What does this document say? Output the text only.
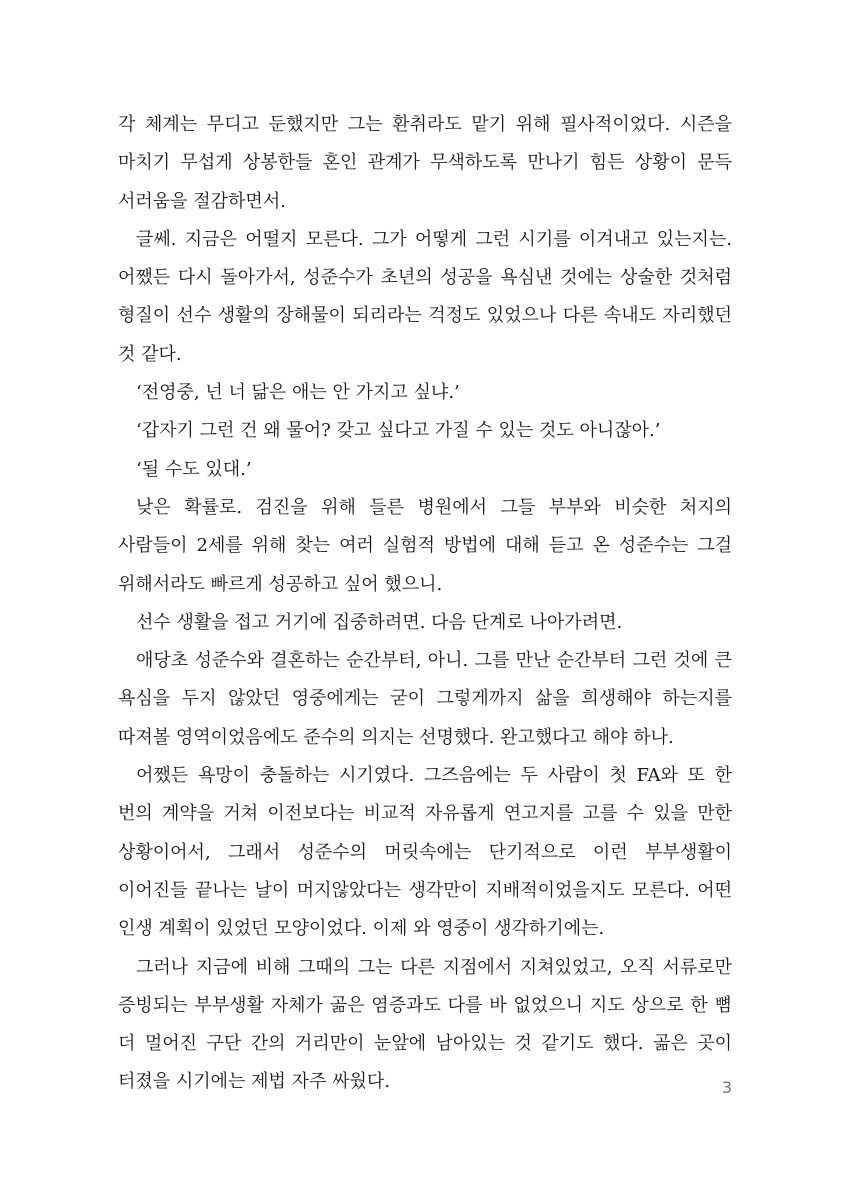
각 체계는 무디고 둔했지만 그는 환취라도 맡기 위해 필사적이었다. 시즌을 마치기 무섭게 상봉한들 혼인 관계가 무색하도록 만나기 힘든 상황이 문득 서러움을 절감하면서.

글쎄. 지금은 어떨지 모른다. 그가 어떻게 그런 시기를 이겨내고 있는지는. 어쨌든 다시 돌아가서, 성준수가 초년의 성공을 욕심낸 것에는 상술한 것처럼 형질이 선수 생활의 장해물이 되리라는 걱정도 있었으나 다른 속내도 자리했던 것 같다.

‘전영중, 넌 너 닮은 애는 안 가지고 싶냐.’

‘갑자기 그런 건 왜 물어? 갖고 싶다고 가질 수 있는 것도 아니잖아.’

‘될 수도 있대.’

낮은 확률로. 검진을 위해 들른 병원에서 그들 부부와 비슷한 처지의 사람들이 2세를 위해 찾는 여러 실험적 방법에 대해 듣고 온 성준수는 그걸 위해서라도 빠르게 성공하고 싶어 했으니.

선수 생활을 접고 거기에 집중하려면. 다음 단계로 나아가려면.

애당초 성준수와 결혼하는 순간부터, 아니. 그를 만난 순간부터 그런 것에 큰 욕심을 두지 않았던 영중에게는 굳이 그렇게까지 삶을 희생해야 하는지를 따져볼 영역이었음에도 준수의 의지는 선명했다. 완고했다고 해야 하나.

어쨌든 욕망이 충돌하는 시기였다. 그즈음에는 두 사람이 첫 FA와 또 한 번의 계약을 거쳐 이전보다는 비교적 자유롭게 연고지를 고를 수 있을 만한 상황이어서, 그래서 성준수의 머릿속에는 단기적으로 이런 부부생활이 이어진들 끝나는 날이 머지않았다는 생각만이 지배적이었을지도 모른다. 어떤 인생 계획이 있었던 모양이었다. 이제 와 영중이 생각하기에는.

그러나 지금에 비해 그때의 그는 다른 지점에서 지쳐있었고, 오직 서류로만 증빙되는 부부생활 자체가 곪은 염증과도 다를 바 없었으니 지도 상으로 한 뼘 더 멀어진 구단 간의 거리만이 눈앞에 남아있는 것 같기도 했다. 곪은 곳이 터졌을 시기에는 제법 자주 싸웠다.	3
